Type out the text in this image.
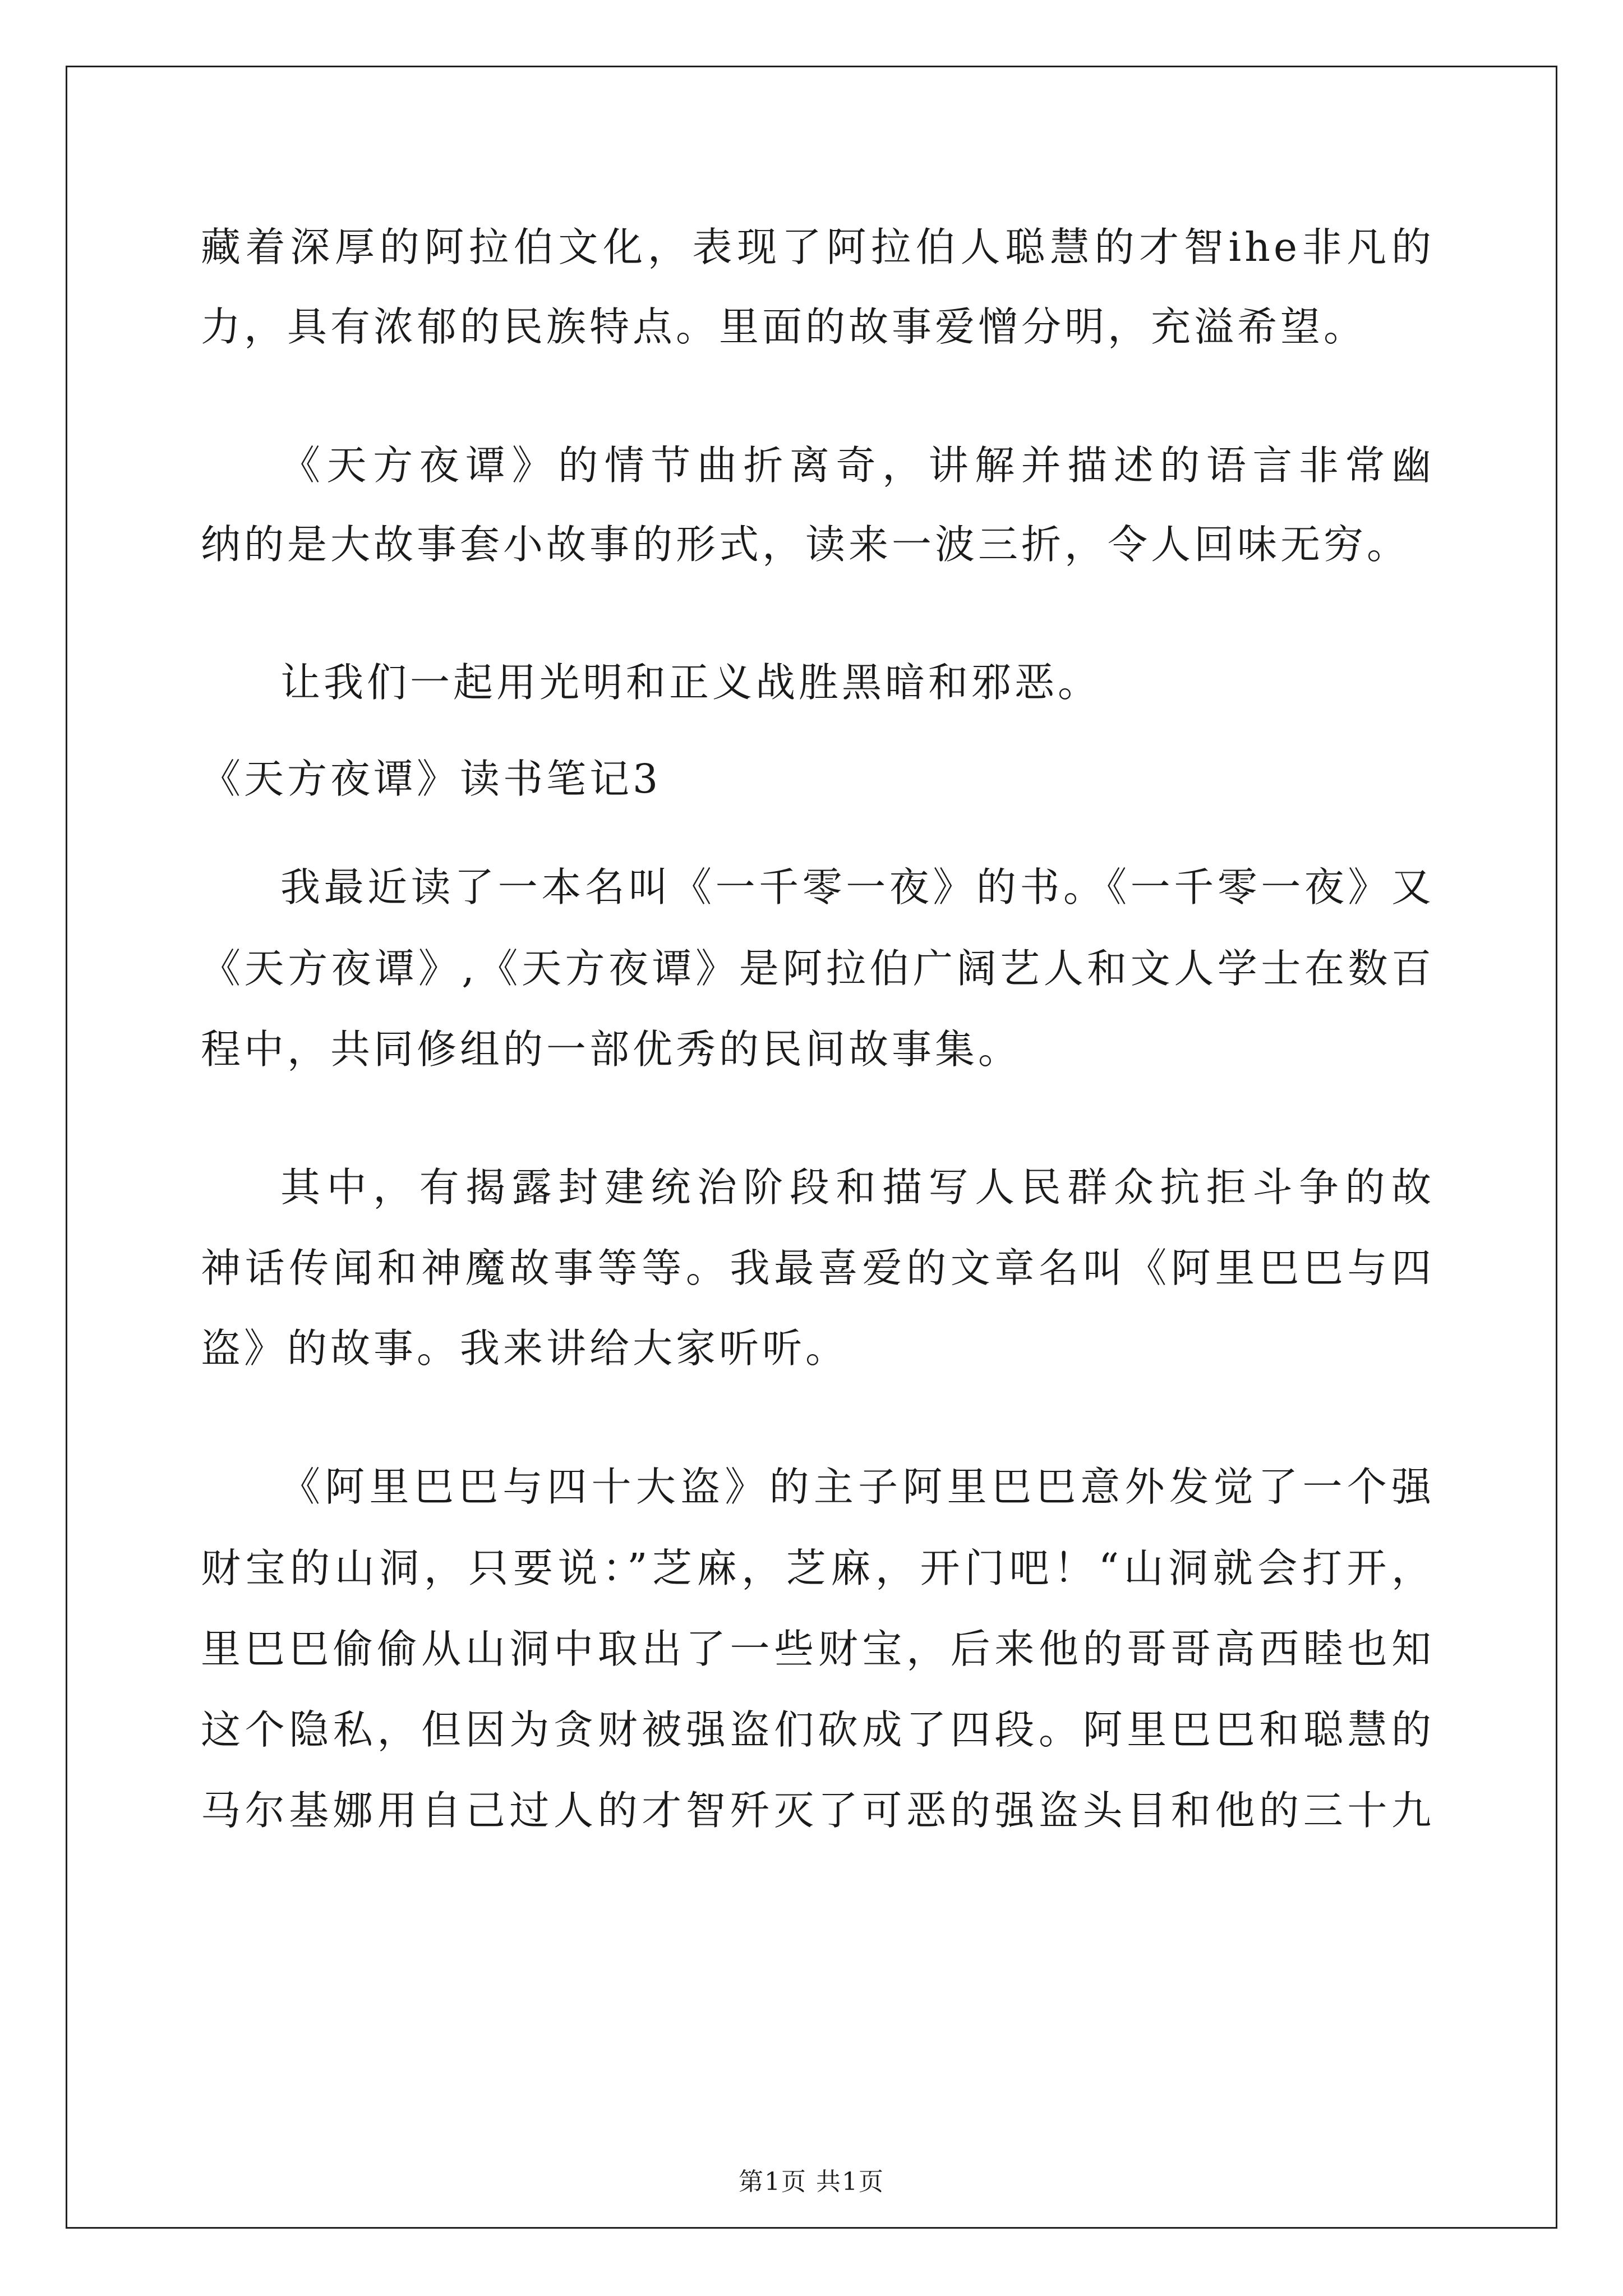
藏着深厚的阿拉伯文化，表现了阿拉伯人聪慧的才智ihe非凡的
力，具有浓郁的民族特点。里面的故事爱憎分明，充溢希望。
《天方夜谭》的情节曲折离奇，讲解并描述的语言非常幽
纳的是大故事套小故事的形式，读来一波三折，令人回味无穷。
让我们一起用光明和正义战胜黑暗和邪恶。
《天方夜谭》读书笔记3
我最近读了一本名叫《一千零一夜》的书。《一千零一夜》又
《天方夜谭》,《天方夜谭》是阿拉伯广阔艺人和文人学士在数百
程中，共同修组的一部优秀的民间故事集。
其中，有揭露封建统治阶段和描写人民群众抗拒斗争的故
神话传闻和神魔故事等等。我最喜爱的文章名叫《阿里巴巴与四
盗》的故事。我来讲给大家听听。
《阿里巴巴与四十大盗》的主子阿里巴巴意外发觉了一个强
财宝的山洞，只要说：”芝麻，芝麻，开门吧！“山洞就会打开，
里巴巴偷偷从山洞中取出了一些财宝，后来他的哥哥高西睦也知
这个隐私，但因为贪财被强盗们砍成了四段。阿里巴巴和聪慧的
马尔基娜用自己过人的才智歼灭了可恶的强盗头目和他的三十九
第1页 共1页
